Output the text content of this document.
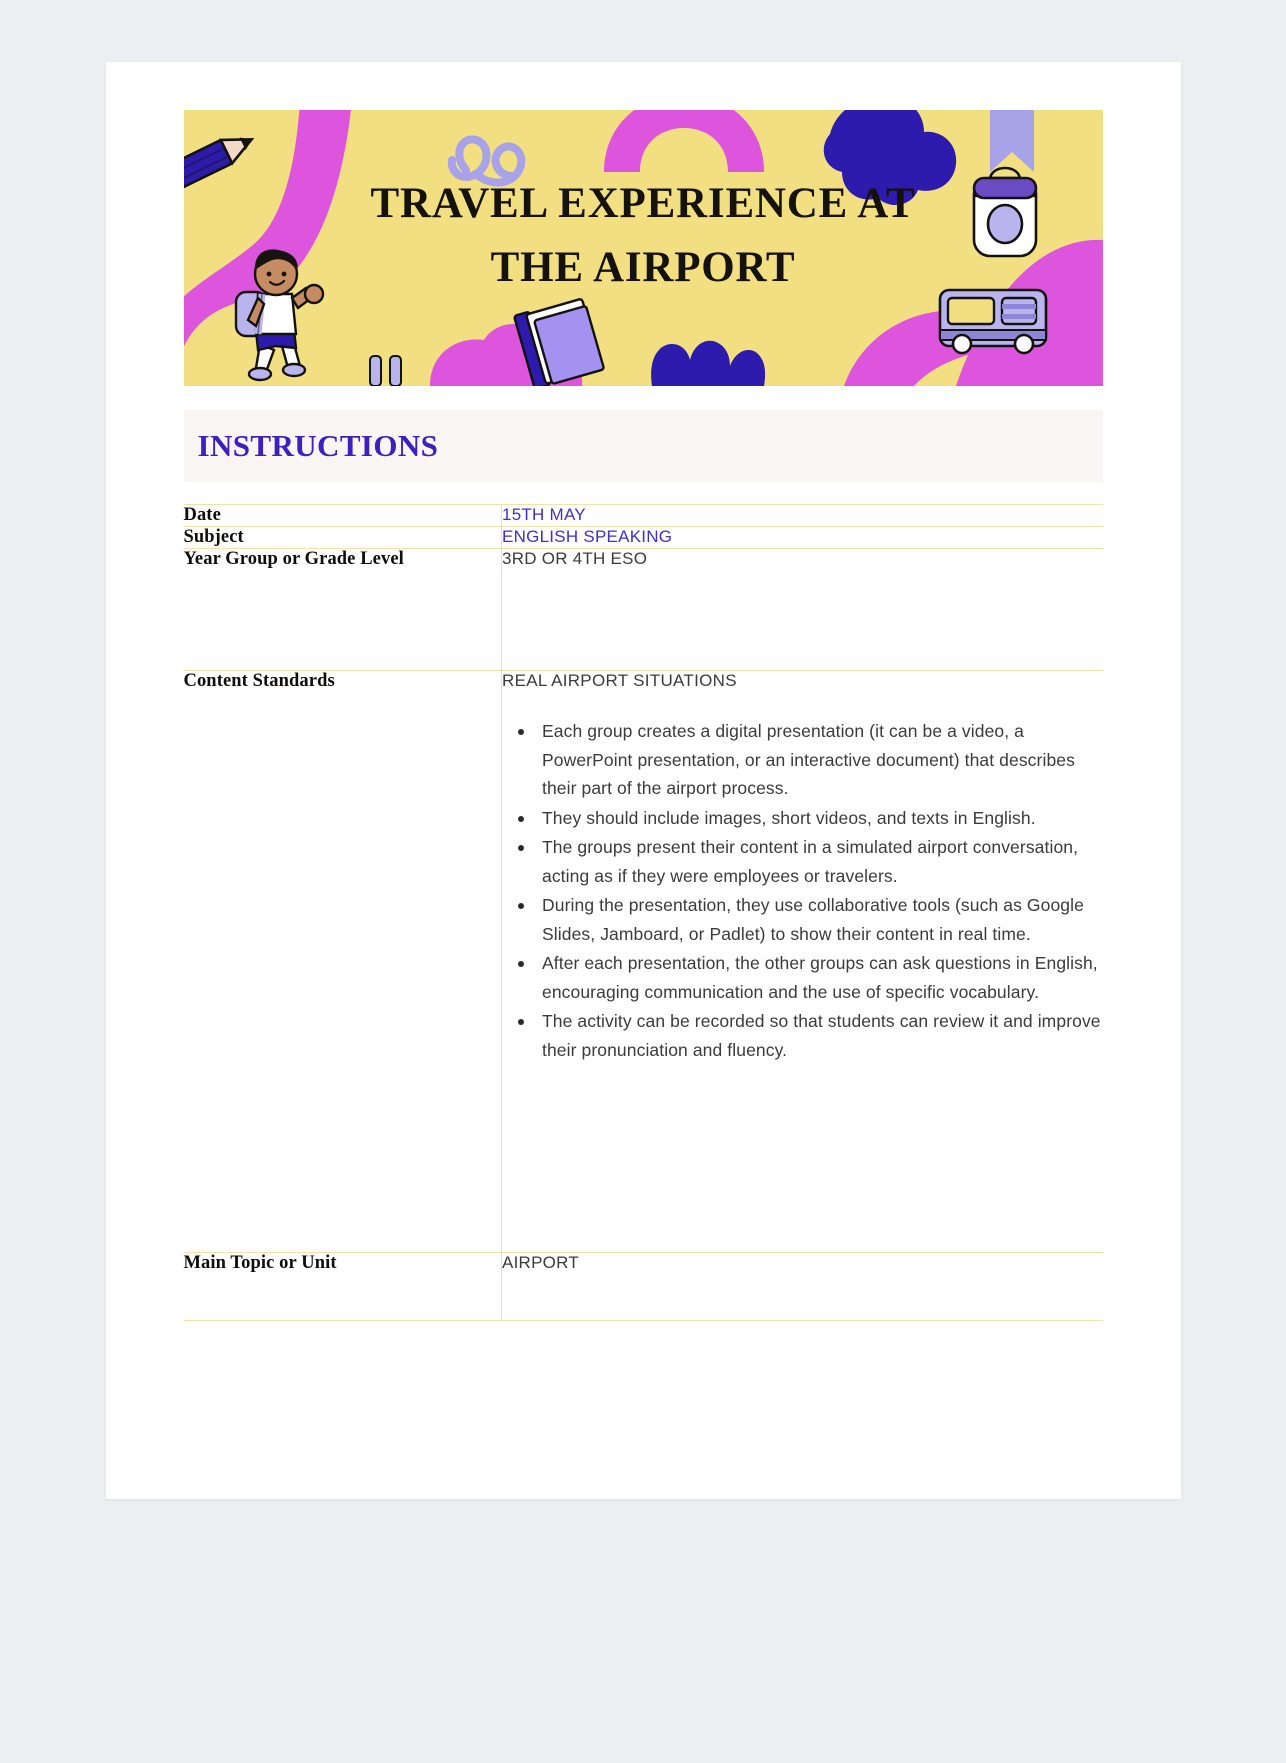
TRAVEL EXPERIENCE AT
THE AIRPORT
INSTRUCTIONS
Date	15TH MAY
Subject	ENGLISH SPEAKING
Year Group or Grade Level	3RD OR 4TH ESO
Content Standards	REAL AIRPORT SITUATIONS

Each group creates a digital presentation (it can be a video, a PowerPoint presentation, or an interactive document) that describes their part of the airport process.
They should include images, short videos, and texts in English.
The groups present their content in a simulated airport conversation, acting as if they were employees or travelers.
During the presentation, they use collaborative tools (such as Google Slides, Jamboard, or Padlet) to show their content in real time.
After each presentation, the other groups can ask questions in English, encouraging communication and the use of specific vocabulary.
The activity can be recorded so that students can review it and improve their pronunciation and fluency.

Main Topic or Unit	AIRPORT
